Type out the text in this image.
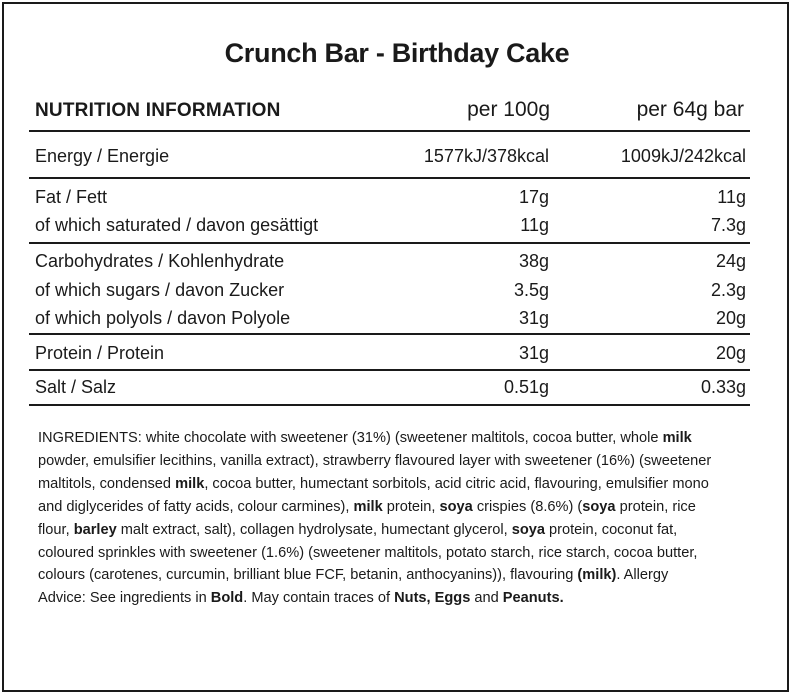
Crunch Bar - Birthday Cake
NUTRITION INFORMATION	per 100g	per 64g bar
Energy / Energie	1577kJ/378kcal	1009kJ/242kcal
Fat / Fett	17g	11g
of which saturated / davon gesättigt	11g	7.3g
Carbohydrates / Kohlenhydrate	38g	24g
of which sugars / davon Zucker	3.5g	2.3g
of which polyols / davon Polyole	31g	20g
Protein / Protein	31g	20g
Salt / Salz	0.51g	0.33g
INGREDIENTS: white chocolate with sweetener (31%) (sweetener maltitols, cocoa butter, whole milk powder, emulsifier lecithins, vanilla extract), strawberry flavoured layer with sweetener (16%) (sweetener maltitols, condensed milk, cocoa butter, humectant sorbitols, acid citric acid, flavouring, emulsifier mono and diglycerides of fatty acids, colour carmines), milk protein, soya crispies (8.6%) (soya protein, rice flour, barley malt extract, salt), collagen hydrolysate, humectant glycerol, soya protein, coconut fat, coloured sprinkles with sweetener (1.6%) (sweetener maltitols, potato starch, rice starch, cocoa butter, colours (carotenes, curcumin, brilliant blue FCF, betanin, anthocyanins)), flavouring (milk). Allergy Advice: See ingredients in Bold. May contain traces of Nuts, Eggs and Peanuts.
